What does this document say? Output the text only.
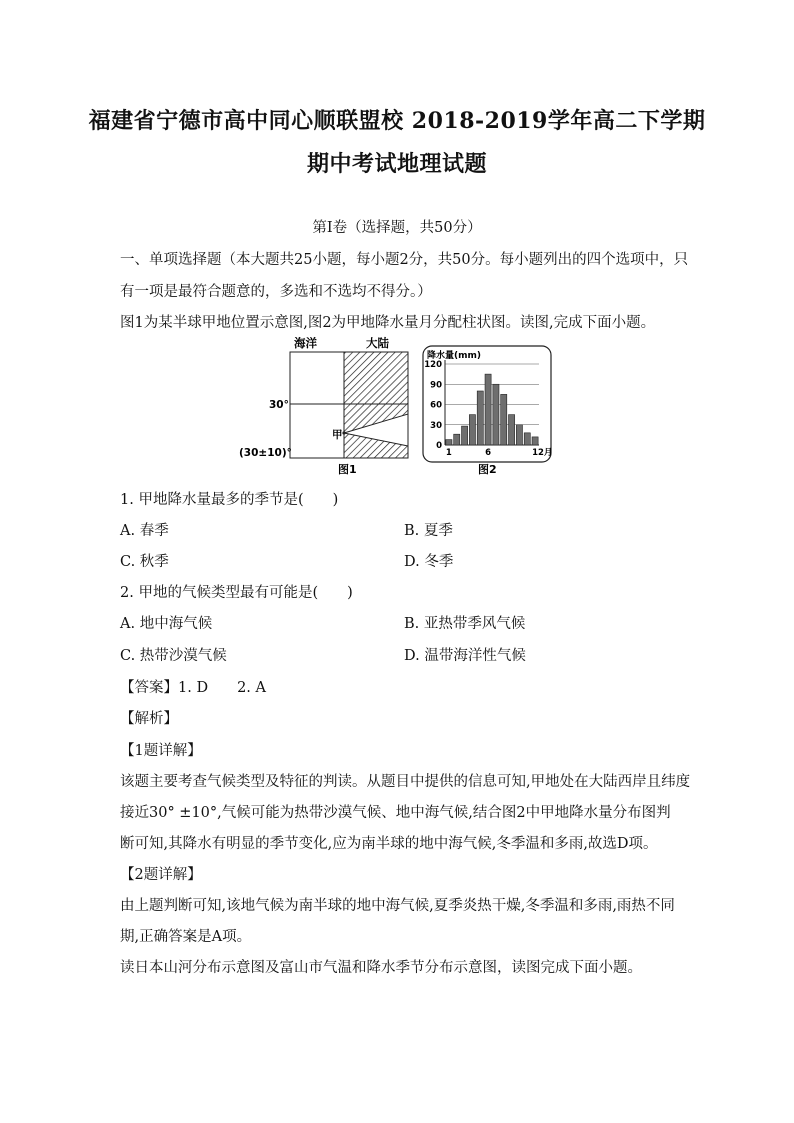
福建省宁德市高中同心顺联盟校 2018-2019学年高二下学期
期中考试地理试题
第Ⅰ卷（选择题，共50分）
一、单项选择题（本大题共25小题，每小题2分，共50分。每小题列出的四个选项中，只
有一项是最符合题意的，多选和不选均不得分。）
图1为某半球甲地位置示意图,图2为甲地降水量月分配柱状图。读图,完成下面小题。
海洋	大陆
30°
(30±10)°
甲
图1
降水量(mm)
0
30
60
90
120
1	6	12月
图2
1. 甲地降水量最多的季节是(　　)
A. 春季	B. 夏季
C. 秋季	D. 冬季
2. 甲地的气候类型最有可能是(　　)
A. 地中海气候	B. 亚热带季风气候
C. 热带沙漠气候	D. 温带海洋性气候
【答案】1. D　　2. A
【解析】
【1题详解】
该题主要考查气候类型及特征的判读。从题目中提供的信息可知,甲地处在大陆西岸且纬度
接近30° ±10°,气候可能为热带沙漠气候、地中海气候,结合图2中甲地降水量分布图判
断可知,其降水有明显的季节变化,应为南半球的地中海气候,冬季温和多雨,故选D项。
【2题详解】
由上题判断可知,该地气候为南半球的地中海气候,夏季炎热干燥,冬季温和多雨,雨热不同
期,正确答案是A项。
读日本山河分布示意图及富山市气温和降水季节分布示意图，读图完成下面小题。
